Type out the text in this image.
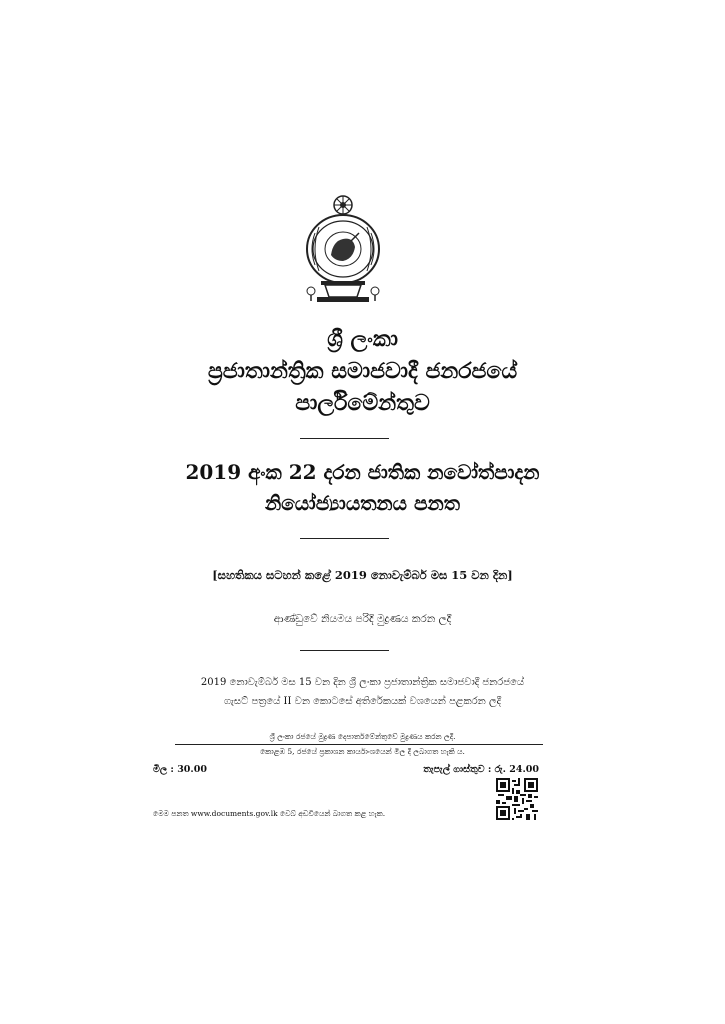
ශ්‍රී ලංකා
ප්‍රජාතාන්ත්‍රික සමාජවාදී ජනරජයේ
පාර්ලිමේන්තුව
2019 අංක 22 දරන ජාතික නවෝත්පාදන
නියෝජ්‍යායතනය පනත
[සහතිකය සටහන් කළේ 2019 නොවැම්බර් මස 15 වන දින]
ආණ්ඩුවේ නියමය පරිදි මුද්‍රණය කරන ලදී
2019 නොවැම්බර් මස 15 වන දින ශ්‍රී ලංකා ප්‍රජාතාන්ත්‍රික සමාජවාදී ජනරජයේ
ගැසට් පත්‍රයේ II වන කොටසේ අතිරේකයක් වශයෙන් පළකරන ලදී
ශ්‍රී ලංකා රජයේ මුද්‍රණ දෙපාර්තමේන්තුවේ මුද්‍රණය කරන ලදී.
කොළඹ 5, රජයේ ප්‍රකාශන කාර්යාංශයෙන් මිල දී ලබාගත හැකි ය.
මිල : 30.00	තැපැල් ගාස්තුව : රු. 24.00
මෙම පනත www.documents.gov.lk වෙබ් අඩවියෙන් බාගත කළ හැක.
